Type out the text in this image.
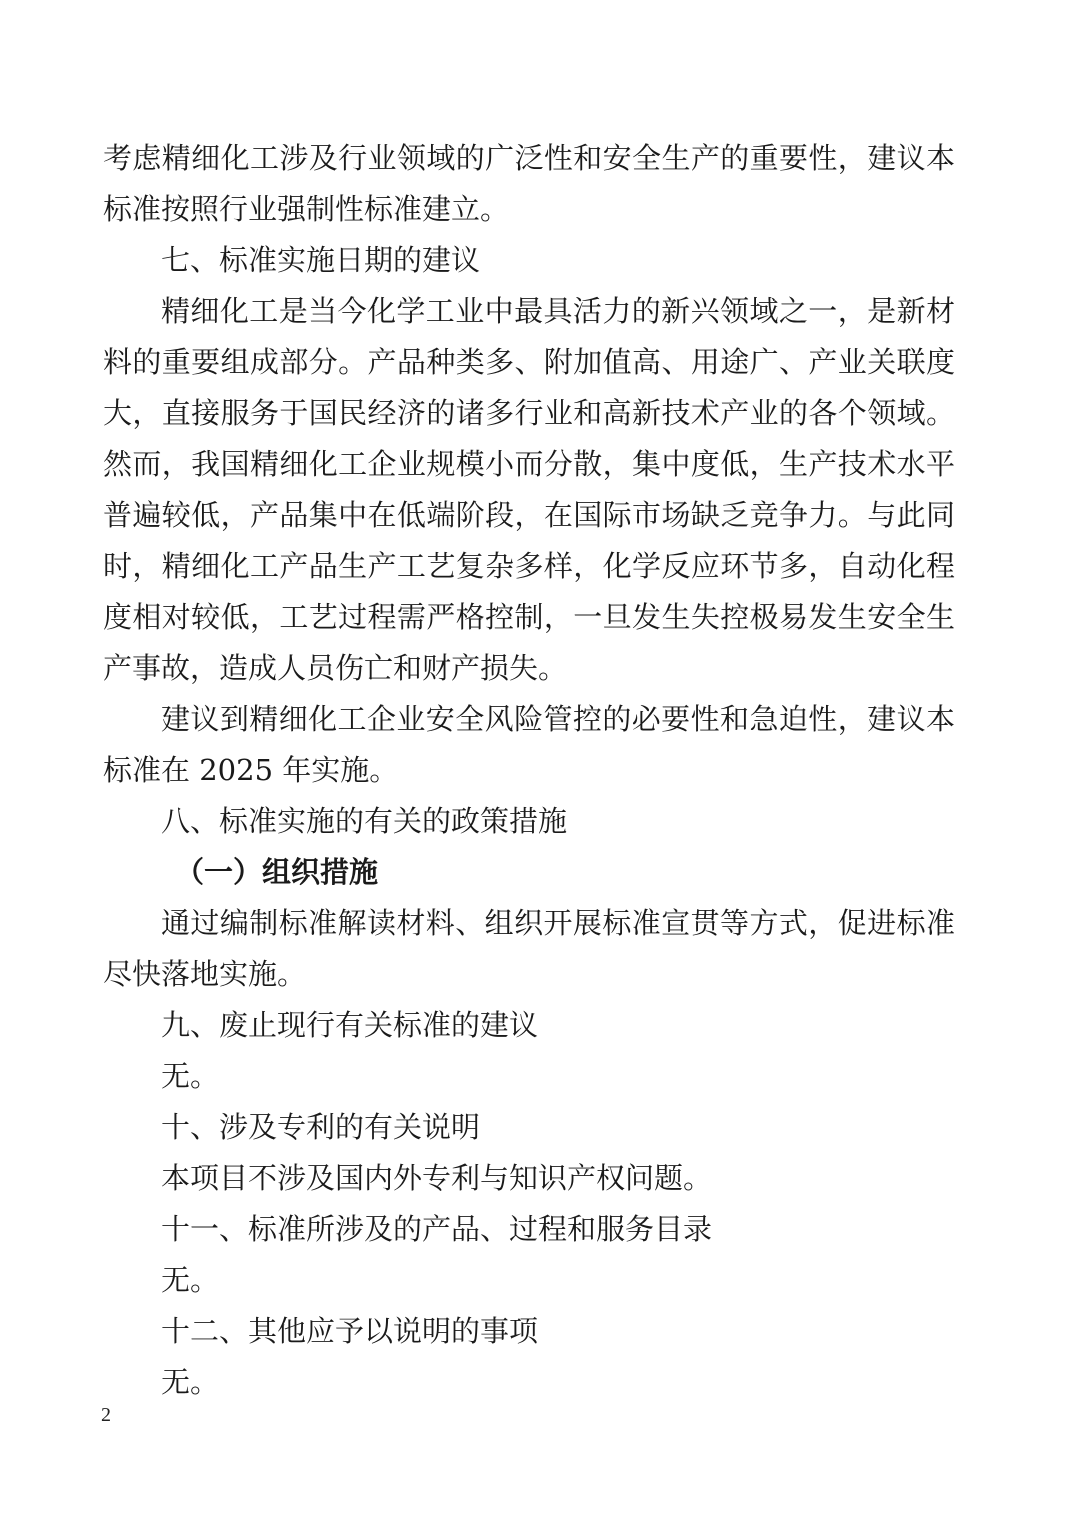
考虑精细化工涉及行业领域的广泛性和安全生产的重要性，建议本标准按照行业强制性标准建立。

七、标准实施日期的建议

精细化工是当今化学工业中最具活力的新兴领域之一，是新材料的重要组成部分。产品种类多、附加值高、用途广、产业关联度大，直接服务于国民经济的诸多行业和高新技术产业的各个领域。然而，我国精细化工企业规模小而分散，集中度低，生产技术水平普遍较低，产品集中在低端阶段，在国际市场缺乏竞争力。与此同时，精细化工产品生产工艺复杂多样，化学反应环节多，自动化程度相对较低，工艺过程需严格控制，一旦发生失控极易发生安全生产事故，造成人员伤亡和财产损失。

建议到精细化工企业安全风险管控的必要性和急迫性，建议本标准在 2025 年实施。

八、标准实施的有关的政策措施

（一）组织措施

通过编制标准解读材料、组织开展标准宣贯等方式，促进标准尽快落地实施。

九、废止现行有关标准的建议

无。

十、涉及专利的有关说明

本项目不涉及国内外专利与知识产权问题。

十一、标准所涉及的产品、过程和服务目录

无。

十二、其他应予以说明的事项

无。

2
